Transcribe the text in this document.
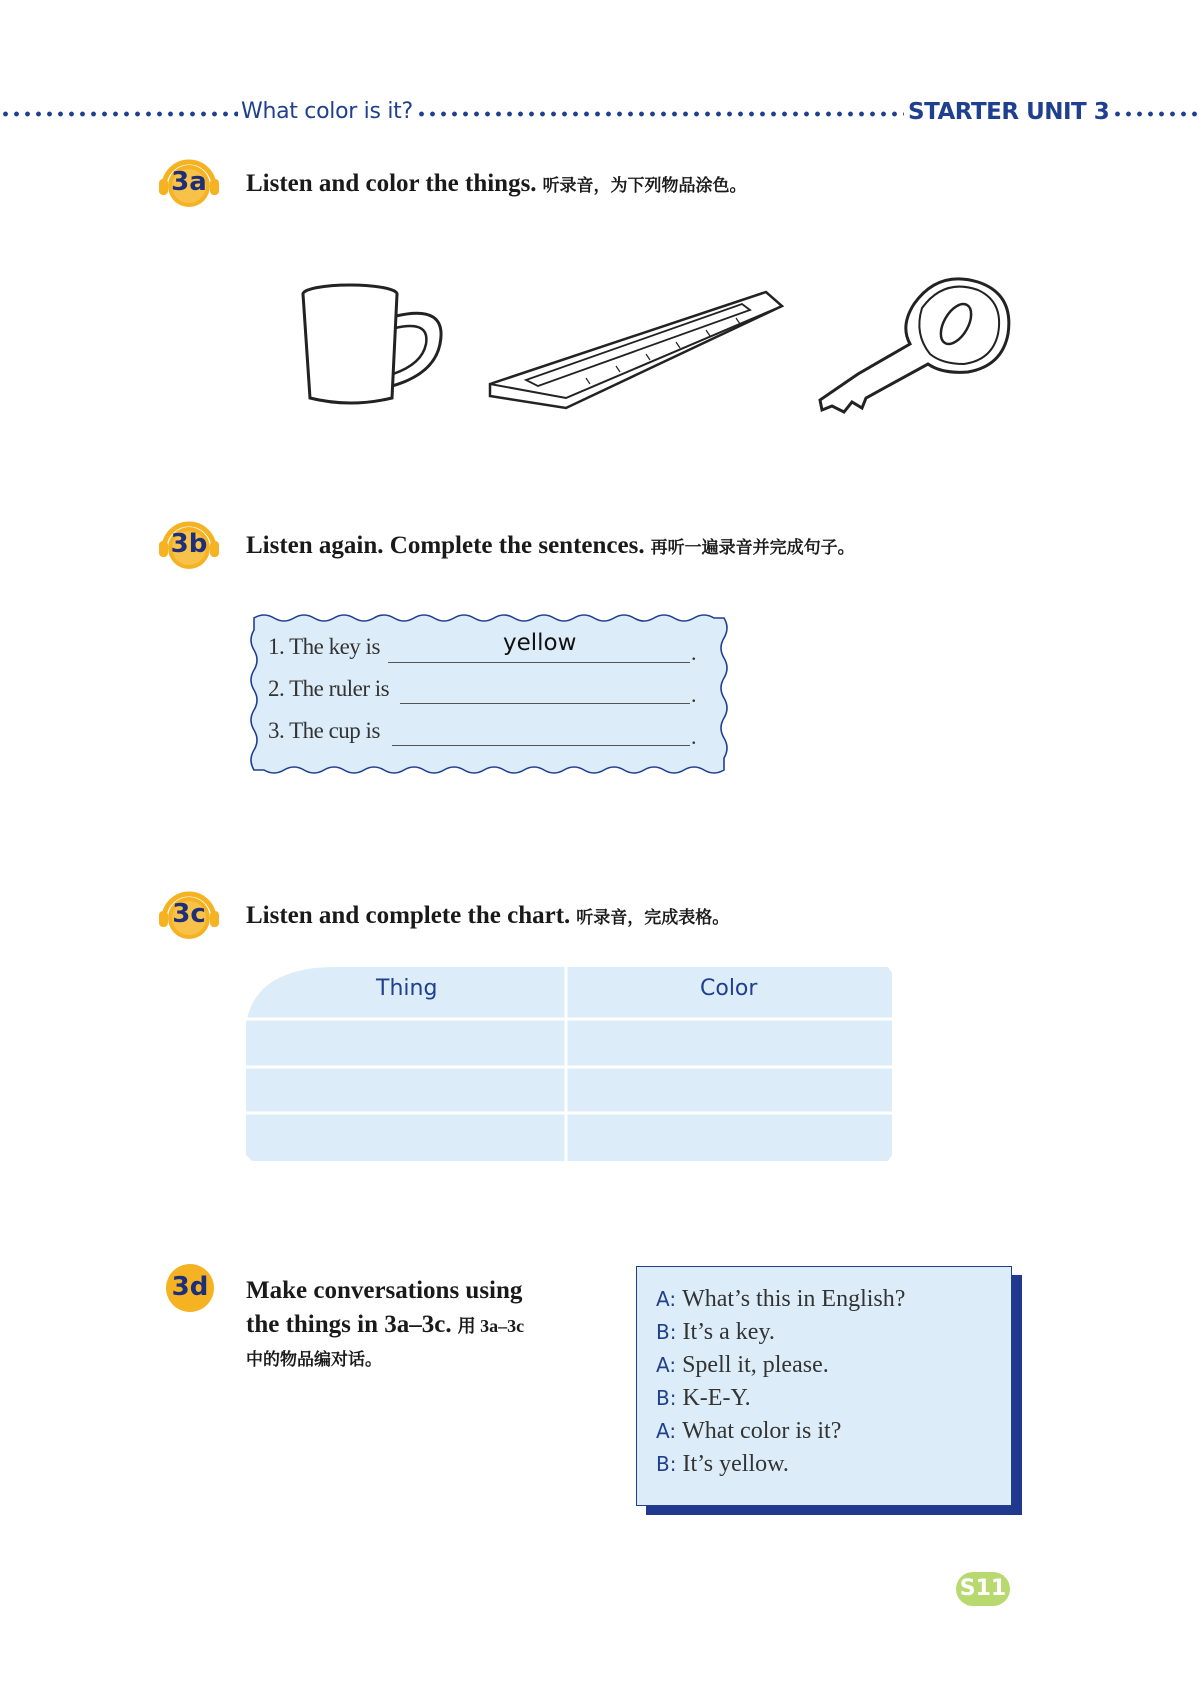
What color is it?	STARTER UNIT 3
3a	Listen and color the things. 听录音，为下列物品涂色。
3b	Listen again. Complete the sentences. 再听一遍录音并完成句子。
1. The key is	yellow	.
2. The ruler is	.
3. The cup is	.
3c	Listen and complete the chart. 听录音，完成表格。
Thing	Color
3d	Make conversations using
the things in 3a–3c. 用 3a–3c
中的物品编对话。
A: What’s this in English?
B: It’s a key.
A: Spell it, please.
B: K-E-Y.
A: What color is it?
B: It’s yellow.
S11
